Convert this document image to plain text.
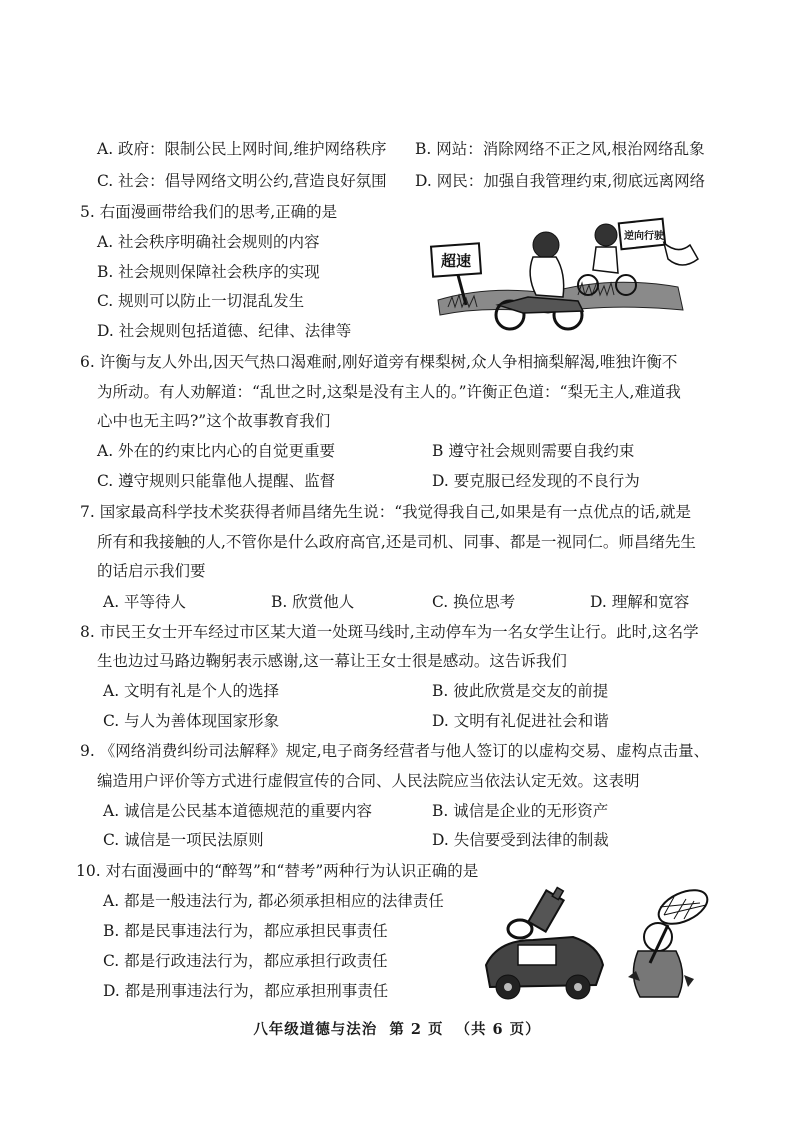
A. 政府：限制公民上网时间,维护网络秩序 B. 网站：消除网络不正之风,根治网络乱象
C. 社会：倡导网络文明公约,营造良好氛围 D. 网民：加强自我管理约束,彻底远离网络
5. 右面漫画带给我们的思考,正确的是
A. 社会秩序明确社会规则的内容
B. 社会规则保障社会秩序的实现
C. 规则可以防止一切混乱发生
D. 社会规则包括道德、纪律、法律等
超速
逆向行驶
6. 许衡与友人外出,因天气热口渴难耐,刚好道旁有棵梨树,众人争相摘梨解渴,唯独许衡不
为所动。有人劝解道：“乱世之时,这梨是没有主人的。”许衡正色道：“梨无主人,难道我
心中也无主吗?”这个故事教育我们
A. 外在的约束比内心的自觉更重要	B 遵守社会规则需要自我约束
C. 遵守规则只能靠他人提醒、监督	D. 要克服已经发现的不良行为
7. 国家最高科学技术奖获得者师昌绪先生说：“我觉得我自己,如果是有一点优点的话,就是
所有和我接触的人,不管你是什么政府高官,还是司机、同事、都是一视同仁。师昌绪先生
的话启示我们要
A. 平等待人	B. 欣赏他人	C. 换位思考	D. 理解和宽容
8. 市民王女士开车经过市区某大道一处斑马线时,主动停车为一名女学生让行。此时,这名学
生也边过马路边鞠躬表示感谢,这一幕让王女士很是感动。这告诉我们
A. 文明有礼是个人的选择	B. 彼此欣赏是交友的前提
C. 与人为善体现国家形象	D. 文明有礼促进社会和谐
9. 《网络消费纠纷司法解释》规定,电子商务经营者与他人签订的以虚构交易、虚构点击量、
编造用户评价等方式进行虚假宣传的合同、人民法院应当依法认定无效。这表明
A. 诚信是公民基本道德规范的重要内容	B. 诚信是企业的无形资产
C. 诚信是一项民法原则	D. 失信要受到法律的制裁
10. 对右面漫画中的“醉驾”和“替考”两种行为认识正确的是
A. 都是一般违法行为, 都必须承担相应的法律责任
B. 都是民事违法行为，都应承担民事责任
C. 都是行政违法行为，都应承担行政责任
D. 都是刑事违法行为，都应承担刑事责任
八年级道德与法治 第 2 页 （共 6 页）
